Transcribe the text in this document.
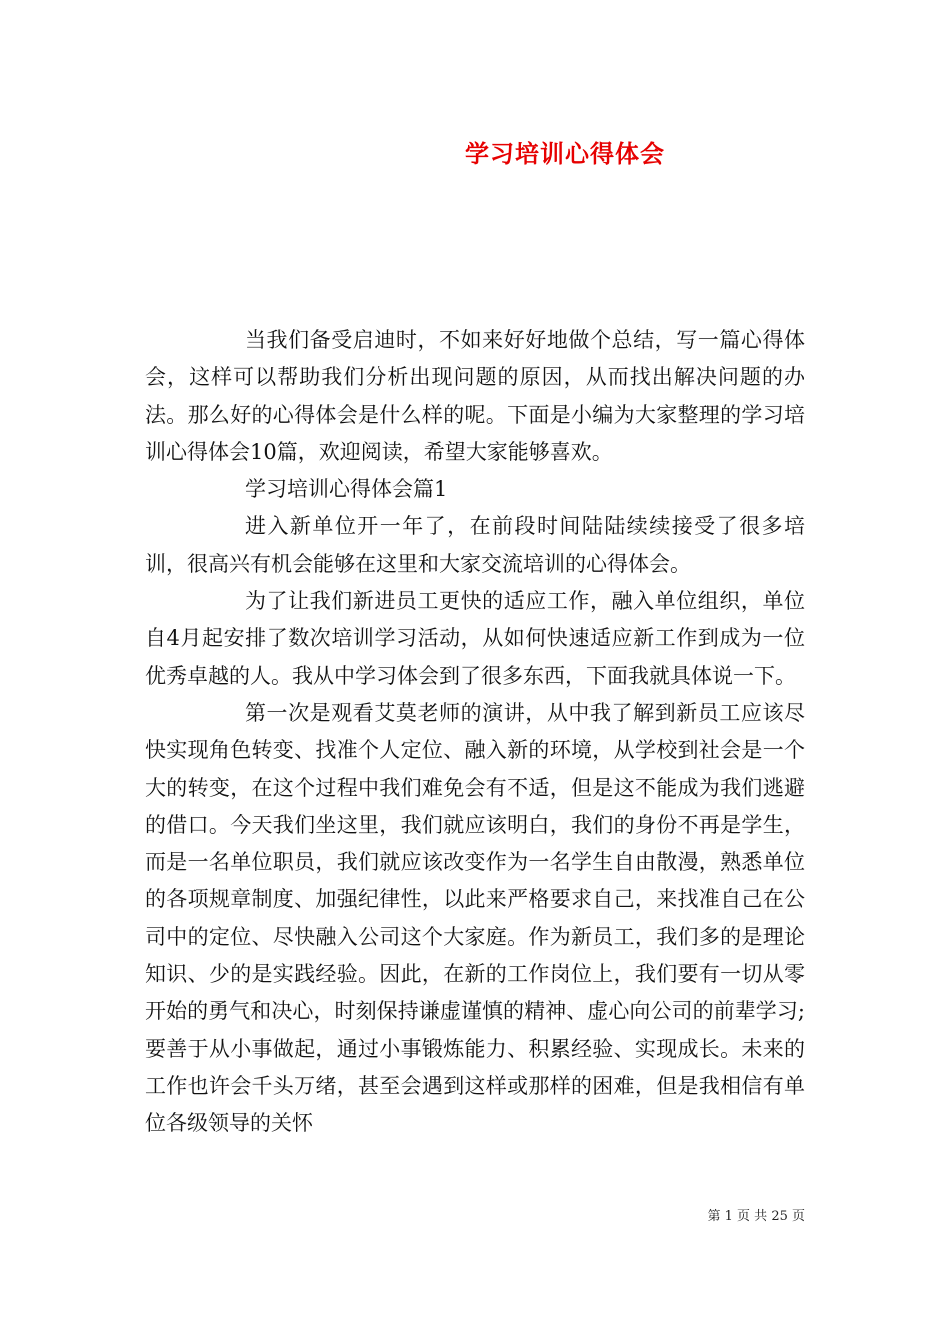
学习培训心得体会

当我们备受启迪时，不如来好好地做个总结，写一篇心得体会，这样可以帮助我们分析出现问题的原因，从而找出解决问题的办法。那么好的心得体会是什么样的呢。下面是小编为大家整理的学习培训心得体会10篇，欢迎阅读，希望大家能够喜欢。

学习培训心得体会篇1

进入新单位开一年了，在前段时间陆陆续续接受了很多培训，很高兴有机会能够在这里和大家交流培训的心得体会。

为了让我们新进员工更快的适应工作，融入单位组织，单位自4月起安排了数次培训学习活动，从如何快速适应新工作到成为一位优秀卓越的人。我从中学习体会到了很多东西，下面我就具体说一下。

第一次是观看艾莫老师的演讲，从中我了解到新员工应该尽快实现角色转变、找准个人定位、融入新的环境，从学校到社会是一个大的转变，在这个过程中我们难免会有不适，但是这不能成为我们逃避的借口。今天我们坐这里，我们就应该明白，我们的身份不再是学生，而是一名单位职员，我们就应该改变作为一名学生自由散漫，熟悉单位的各项规章制度、加强纪律性，以此来严格要求自己，来找准自己在公司中的定位、尽快融入公司这个大家庭。作为新员工，我们多的是理论知识、少的是实践经验。因此，在新的工作岗位上，我们要有一切从零开始的勇气和决心，时刻保持谦虚谨慎的精神、虚心向公司的前辈学习;要善于从小事做起，通过小事锻炼能力、积累经验、实现成长。未来的工作也许会千头万绪，甚至会遇到这样或那样的困难，但是我相信有单位各级领导的关怀

第 1 页 共 25 页
